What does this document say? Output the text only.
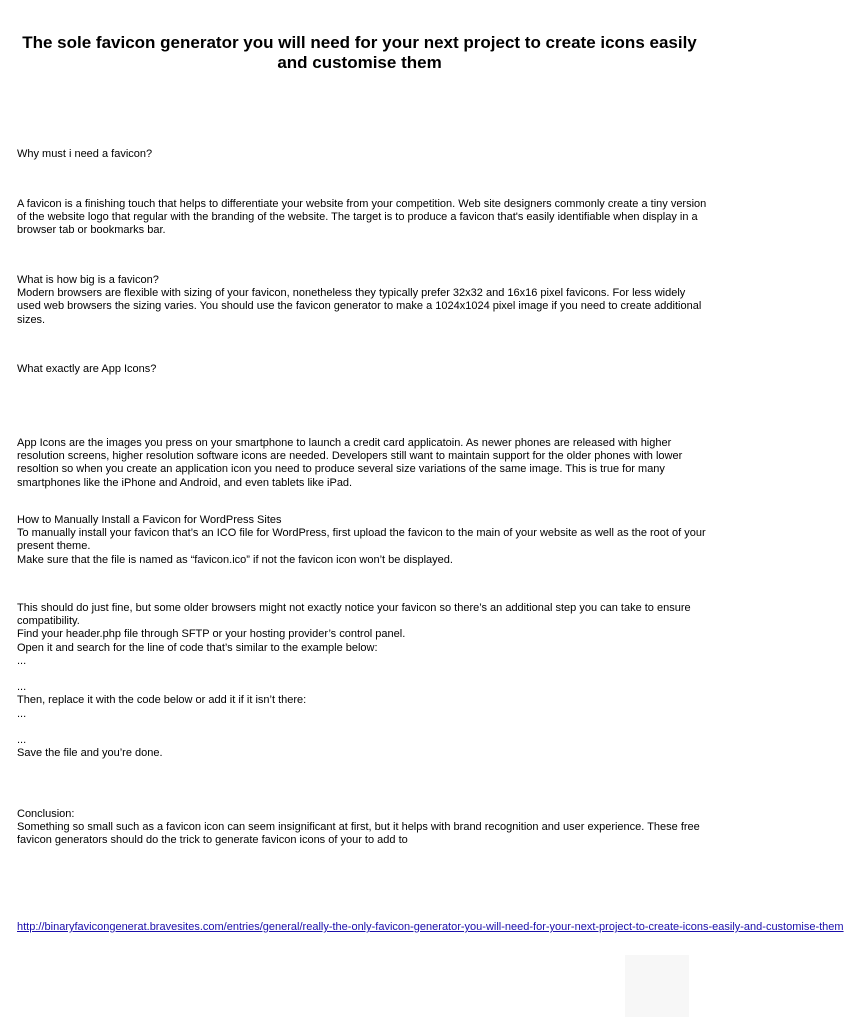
The sole favicon generator you will need for your next project to create icons easily and customise them

Why must i need a favicon?

A favicon is a finishing touch that helps to differentiate your website from your competition. Web site designers commonly create a tiny version of the website logo that regular with the branding of the website. The target is to produce a favicon that's easily identifiable when display in a browser tab or bookmarks bar.

What is how big is a favicon?
Modern browsers are flexible with sizing of your favicon, nonetheless they typically prefer 32x32 and 16x16 pixel favicons. For less widely used web browsers the sizing varies. You should use the favicon generator to make a 1024x1024 pixel image if you need to create additional sizes.

What exactly are App Icons?

App Icons are the images you press on your smartphone to launch a credit card applicatoin. As newer phones are released with higher resolution screens, higher resolution software icons are needed. Developers still want to maintain support for the older phones with lower resoltion so when you create an application icon you need to produce several size variations of the same image. This is true for many smartphones like the iPhone and Android, and even tablets like iPad.

How to Manually Install a Favicon for WordPress Sites
To manually install your favicon that’s an ICO file for WordPress, first upload the favicon to the main of your website as well as the root of your present theme.
Make sure that the file is named as “favicon.ico” if not the favicon icon won’t be displayed.
This should do just fine, but some older browsers might not exactly notice your favicon so there’s an additional step you can take to ensure compatibility.
Find your header.php file through SFTP or your hosting provider’s control panel.
Open it and search for the line of code that’s similar to the example below:
...
...
Then, replace it with the code below or add it if it isn’t there:
...
...
Save the file and you’re done.
Conclusion:
Something so small such as a favicon icon can seem insignificant at first, but it helps with brand recognition and user experience. These free favicon generators should do the trick to generate favicon icons of your to add to
http://binaryfavicongenerat.bravesites.com/entries/general/really-the-only-favicon-generator-you-will-need-for-your-next-project-to-create-icons-easily-and-customise-them
